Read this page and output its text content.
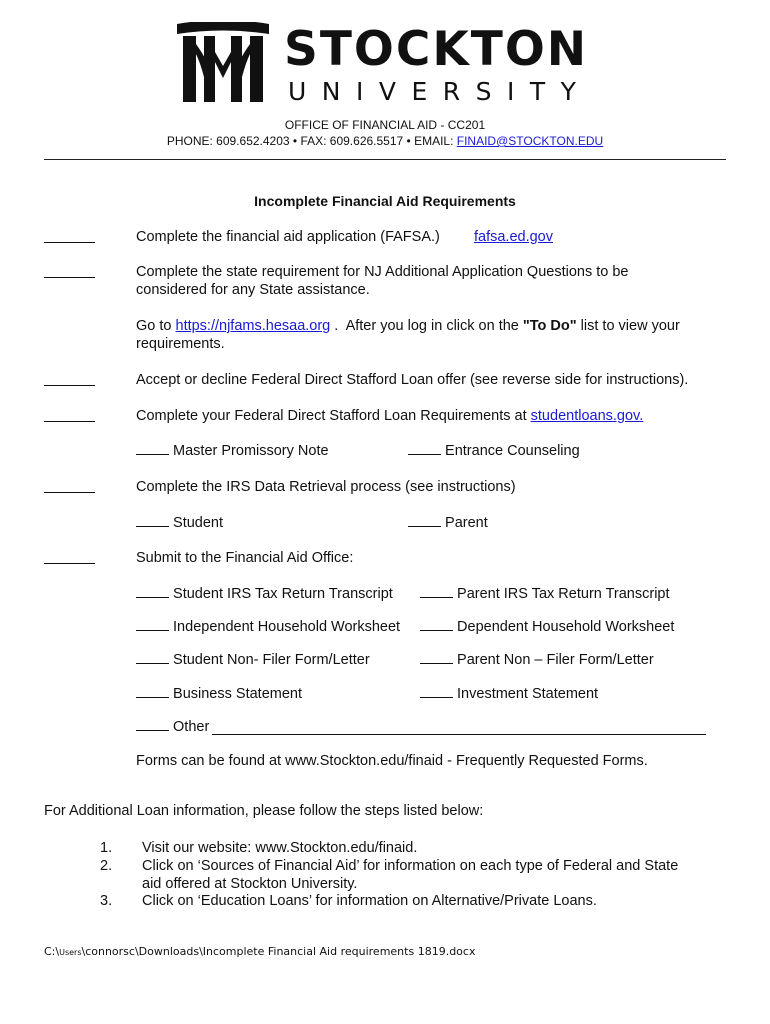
STOCKTON
UNIVERSITY
OFFICE OF FINANCIAL AID - CC201
PHONE: 609.652.4203 • FAX: 609.626.5517 • EMAIL: FINAID@STOCKTON.EDU
Incomplete Financial Aid Requirements
Complete the financial aid application (FAFSA.) fafsa.ed.gov
Complete the state requirement for NJ Additional Application Questions to be
considered for any State assistance.
Go to https://njfams.hesaa.org .  After you log in click on the "To Do" list to view your
requirements.
Accept or decline Federal Direct Stafford Loan offer (see reverse side for instructions).
Complete your Federal Direct Stafford Loan Requirements at studentloans.gov.
Master Promissory Note	Entrance Counseling
Complete the IRS Data Retrieval process (see instructions)
Student	Parent
Submit to the Financial Aid Office:
Student IRS Tax Return Transcript	Parent IRS Tax Return Transcript
Independent Household Worksheet	Dependent Household Worksheet
Student Non- Filer Form/Letter	Parent Non – Filer Form/Letter
Business Statement	Investment Statement
Other
Forms can be found at www.Stockton.edu/finaid - Frequently Requested Forms.
For Additional Loan information, please follow the steps listed below:
1. Visit our website: www.Stockton.edu/finaid.
2. Click on ‘Sources of Financial Aid’ for information on each type of Federal and State
aid offered at Stockton University.
3. Click on ‘Education Loans’ for information on Alternative/Private Loans.
C:\Users\connorsc\Downloads\Incomplete Financial Aid requirements 1819.docx
